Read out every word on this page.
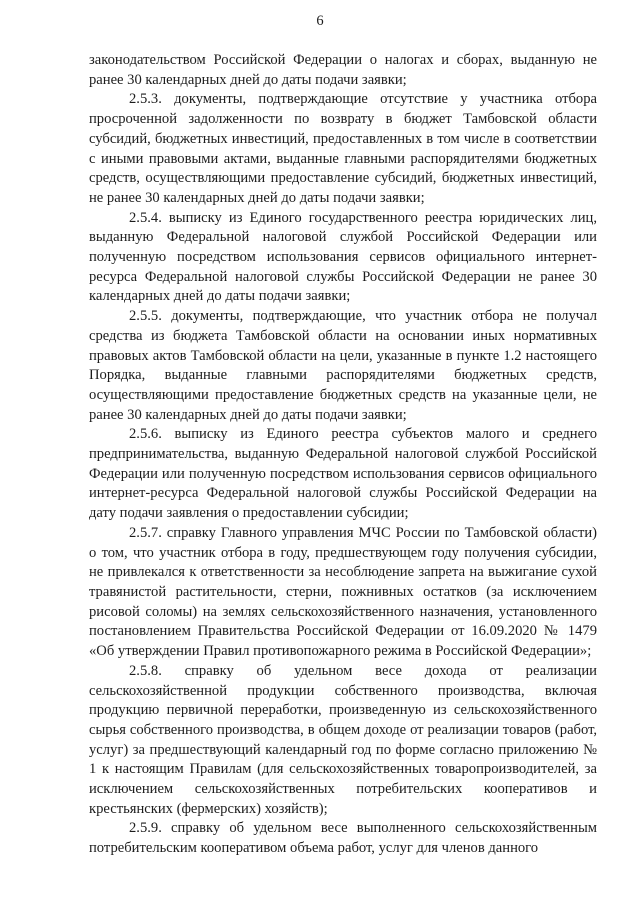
6

законодательством Российской Федерации о налогах и сборах, выданную не ранее 30 календарных дней до даты подачи заявки;

2.5.3. документы, подтверждающие отсутствие у участника отбора просроченной задолженности по возврату в бюджет Тамбовской области субсидий, бюджетных инвестиций, предоставленных в том числе в соответствии с иными правовыми актами, выданные главными распорядителями бюджетных средств, осуществляющими предоставление субсидий, бюджетных инвестиций, не ранее 30 календарных дней до даты подачи заявки;

2.5.4. выписку из Единого государственного реестра юридических лиц, выданную Федеральной налоговой службой Российской Федерации или полученную посредством использования сервисов официального интернет-ресурса Федеральной налоговой службы Российской Федерации не ранее 30 календарных дней до даты подачи заявки;

2.5.5. документы, подтверждающие, что участник отбора не получал средства из бюджета Тамбовской области на основании иных нормативных правовых актов Тамбовской области на цели, указанные в пункте 1.2 настоящего Порядка, выданные главными распорядителями бюджетных средств, осуществляющими предоставление бюджетных средств на указанные цели, не ранее 30 календарных дней до даты подачи заявки;

2.5.6. выписку из Единого реестра субъектов малого и среднего предпринимательства, выданную Федеральной налоговой службой Российской Федерации или полученную посредством использования сервисов официального интернет-ресурса Федеральной налоговой службы Российской Федерации на дату подачи заявления о предоставлении субсидии;

2.5.7. справку Главного управления МЧС России по Тамбовской области) о том, что участник отбора в году, предшествующем году получения субсидии, не привлекался к ответственности за несоблюдение запрета на выжигание сухой травянистой растительности, стерни, пожнивных остатков (за исключением рисовой соломы) на землях сельскохозяйственного назначения, установленного постановлением Правительства Российской Федерации от 16.09.2020 № 1479 «Об утверждении Правил противопожарного режима в Российской Федерации»;

2.5.8. справку об удельном весе дохода от реализации сельскохозяйственной продукции собственного производства, включая продукцию первичной переработки, произведенную из сельскохозяйственного сырья собственного производства, в общем доходе от реализации товаров (работ, услуг) за предшествующий календарный год по форме согласно приложению № 1 к настоящим Правилам (для сельскохозяйственных товаропроизводителей, за исключением сельскохозяйственных потребительских кооперативов и крестьянских (фермерских) хозяйств);

2.5.9. справку об удельном весе выполненного сельскохозяйственным потребительским кооперативом объема работ, услуг для членов данного
